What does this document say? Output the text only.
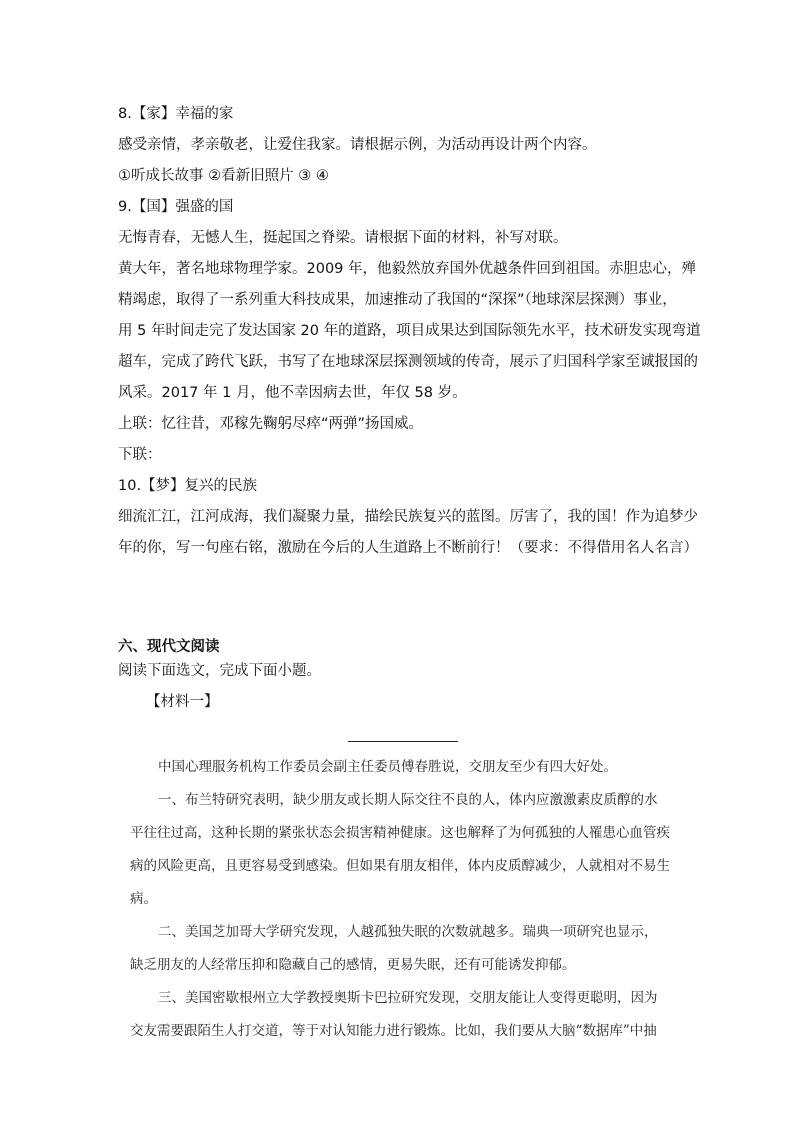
8.【家】幸福的家

感受亲情，孝亲敬老，让爱住我家。请根据示例，为活动再设计两个内容。

①听成长故事 ②看新旧照片 ③ ④

9.【国】强盛的国

无悔青春，无憾人生，挺起国之脊梁。请根据下面的材料，补写对联。

黄大年，著名地球物理学家。2009 年，他毅然放弃国外优越条件回到祖国。赤胆忠心，殚

精竭虑，取得了一系列重大科技成果，加速推动了我国的“深探”（地球深层探测）事业，

用 5 年时间走完了发达国家 20 年的道路，项目成果达到国际领先水平，技术研发实现弯道

超车，完成了跨代飞跃，书写了在地球深层探测领域的传奇，展示了归国科学家至诚报国的

风采。2017 年 1 月，他不幸因病去世，年仅 58 岁。

上联：忆往昔，邓稼先鞠躬尽瘁“两弹”扬国威。

下联：

10.【梦】复兴的民族

细流汇江，江河成海，我们凝聚力量，描绘民族复兴的蓝图。厉害了，我的国！作为追梦少

年的你，写一句座右铭，激励在今后的人生道路上不断前行！（要求：不得借用名人名言）

六、现代文阅读

阅读下面选文，完成下面小题。

【材料一】

中国心理服务机构工作委员会副主任委员傅春胜说，交朋友至少有四大好处。

一、布兰特研究表明，缺少朋友或长期人际交往不良的人，体内应激激素皮质醇的水

平往往过高，这种长期的紧张状态会损害精神健康。这也解释了为何孤独的人罹患心血管疾

病的风险更高，且更容易受到感染。但如果有朋友相伴，体内皮质醇减少，人就相对不易生

病。

二、美国芝加哥大学研究发现，人越孤独失眠的次数就越多。瑞典一项研究也显示，

缺乏朋友的人经常压抑和隐藏自己的感情，更易失眠，还有可能诱发抑郁。

三、美国密歇根州立大学教授奥斯卡巴拉研究发现，交朋友能让人变得更聪明，因为

交友需要跟陌生人打交道，等于对认知能力进行锻炼。比如，我们要从大脑“数据库”中抽
